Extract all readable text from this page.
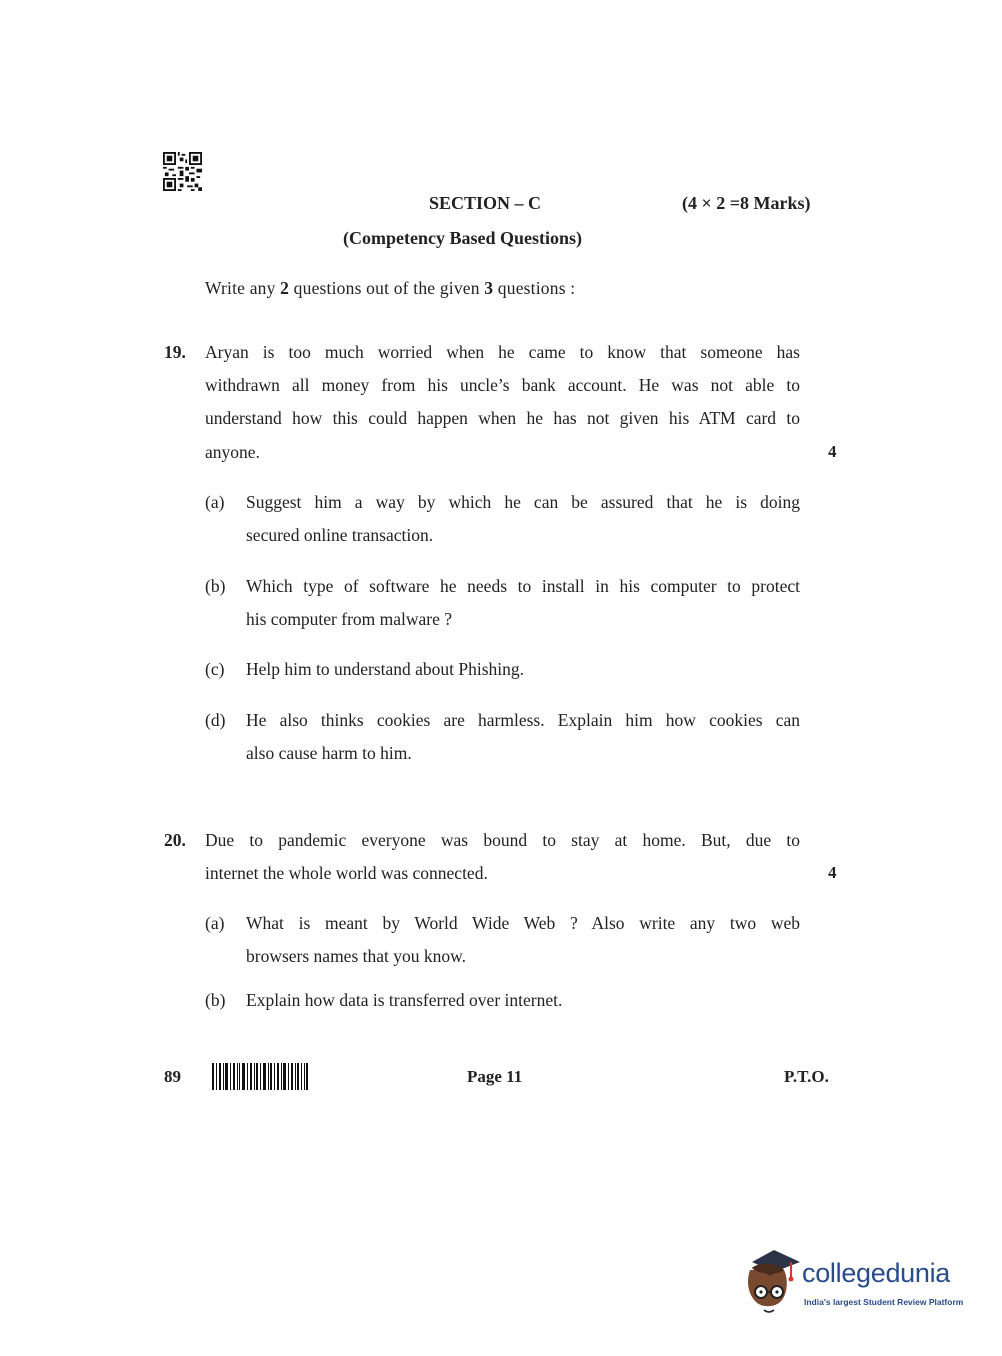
SECTION – C	(4 × 2 =8 Marks)
(Competency Based Questions)
Write any 2 questions out of the given 3 questions :
19. Aryan is too much worried when he came to know that someone has
withdrawn all money from his uncle’s bank account. He was not able to
understand how this could happen when he has not given his ATM card to
anyone.	4
(a) Suggest him a way by which he can be assured that he is doing
secured online transaction.
(b) Which type of software he needs to install in his computer to protect
his computer from malware ?
(c) Help him to understand about Phishing.
(d) He also thinks cookies are harmless. Explain him how cookies can
also cause harm to him.
20. Due to pandemic everyone was bound to stay at home. But, due to
internet the whole world was connected.	4
(a) What is meant by World Wide Web ? Also write any two web
browsers names that you know.
(b) Explain how data is transferred over internet.
89	Page 11	P.T.O.
collegedunia
India's largest Student Review Platform
